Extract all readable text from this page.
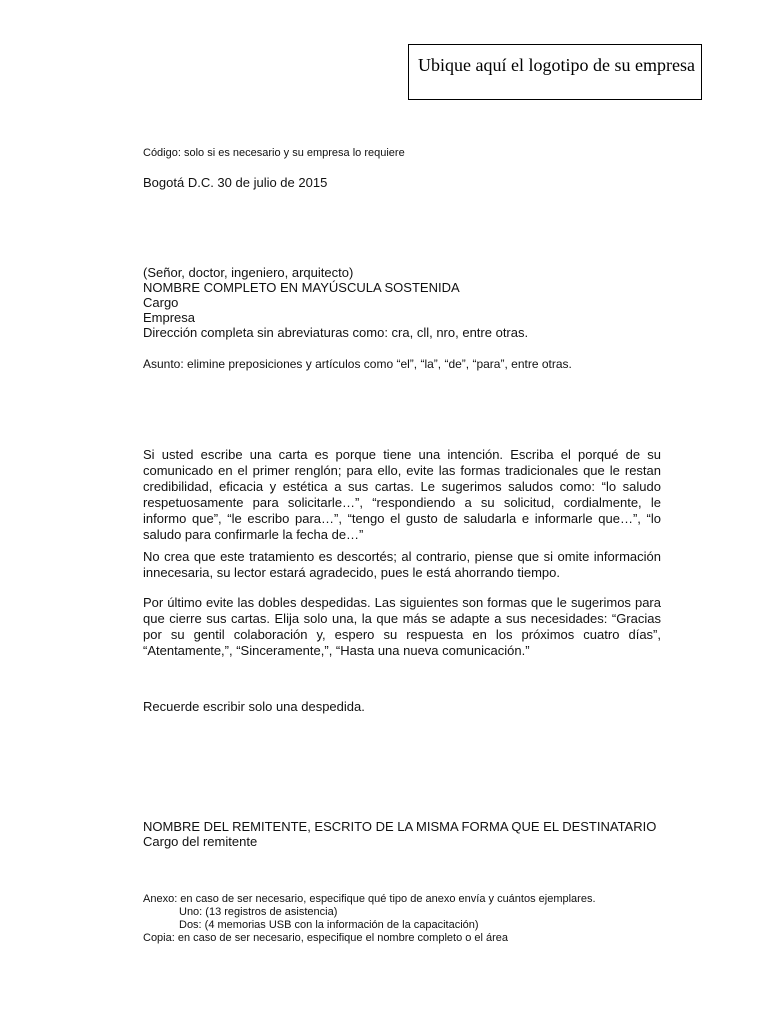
Ubique aquí el logotipo de su empresa

Código: solo si es necesario y su empresa lo requiere

Bogotá D.C. 30 de julio de 2015

(Señor, doctor, ingeniero, arquitecto)
NOMBRE COMPLETO EN MAYÚSCULA SOSTENIDA
Cargo
Empresa
Dirección completa sin abreviaturas como: cra, cll, nro, entre otras.

Asunto: elimine preposiciones y artículos como “el”, “la”, “de”, “para”, entre otras.

Si usted escribe una carta es porque tiene una intención. Escriba el porqué de su comunicado en el primer renglón; para ello, evite las formas tradicionales que le restan credibilidad, eficacia y estética a sus cartas. Le sugerimos saludos como: “lo saludo respetuosamente para solicitarle…”, “respondiendo a su solicitud, cordialmente, le informo que”, “le escribo para…”, “tengo el gusto de saludarla e informarle que…”, “lo saludo para confirmarle la fecha de…”

No crea que este tratamiento es descortés; al contrario, piense que si omite información innecesaria, su lector estará agradecido, pues le está ahorrando tiempo.

Por último evite las dobles despedidas. Las siguientes son formas que le sugerimos para que cierre sus cartas. Elija solo una, la que más se adapte a sus necesidades: “Gracias por su gentil colaboración y, espero su respuesta en los próximos cuatro días”, “Atentamente,”, “Sinceramente,”, “Hasta una nueva comunicación.”

Recuerde escribir solo una despedida.

NOMBRE DEL REMITENTE, ESCRITO DE LA MISMA FORMA QUE EL DESTINATARIO
Cargo del remitente
Anexo: en caso de ser necesario, especifique qué tipo de anexo envía y cuántos ejemplares.
Uno: (13 registros de asistencia)
Dos: (4 memorias USB con la información de la capacitación)
Copia: en caso de ser necesario, especifique el nombre completo o el área
